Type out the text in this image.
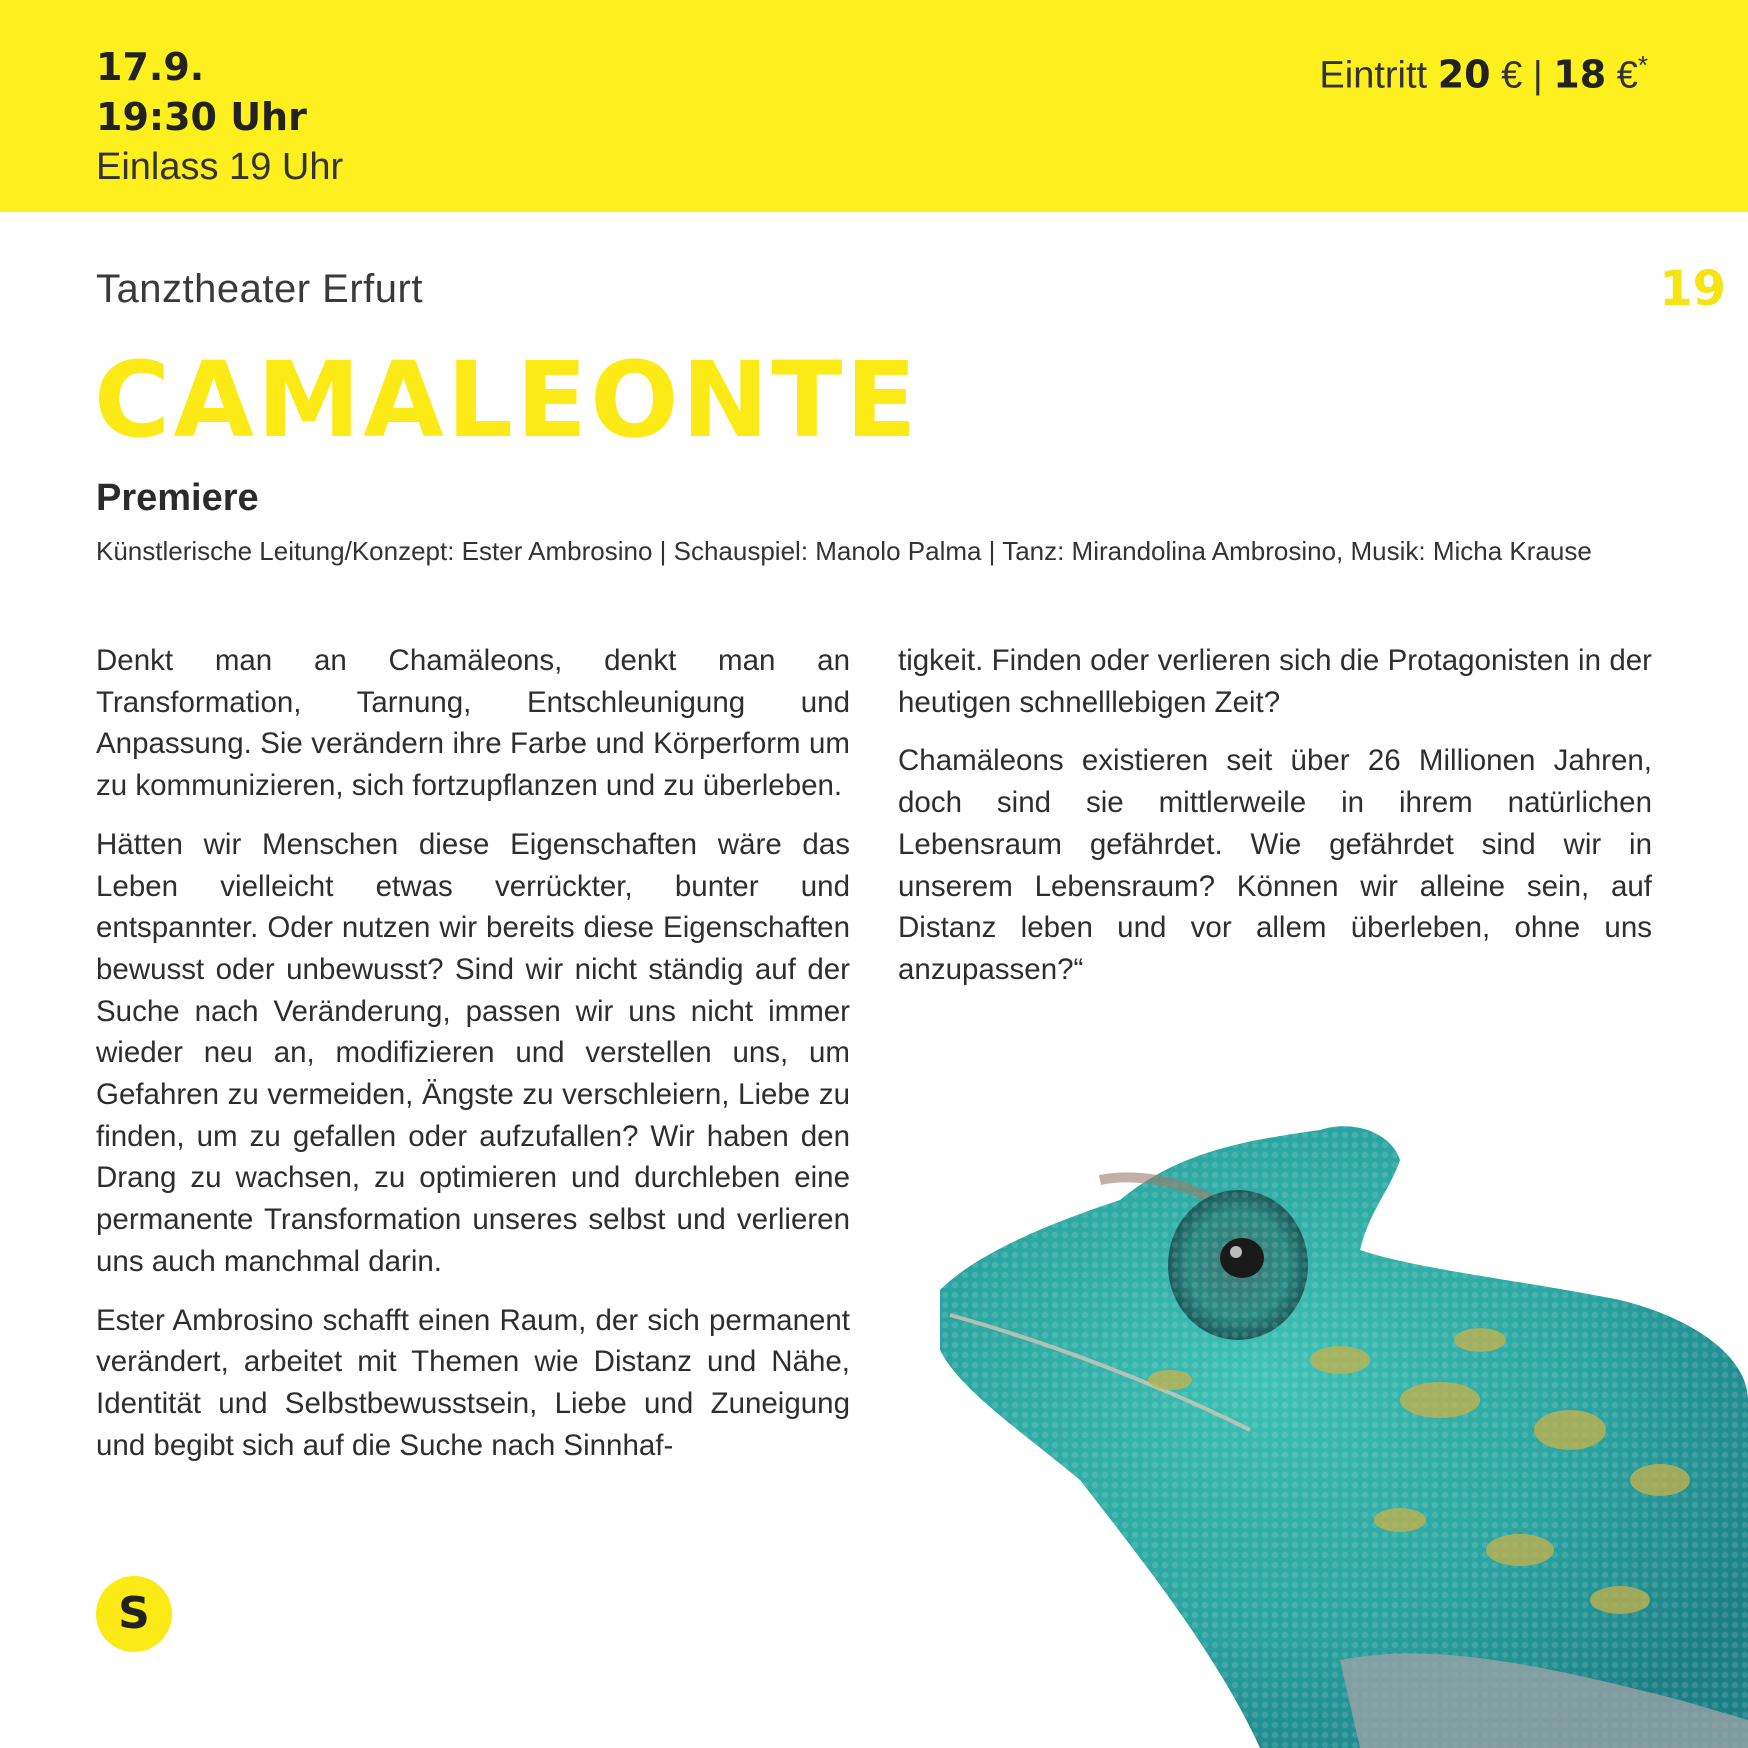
17.9.
19:30 Uhr
Einlass 19 Uhr
Eintritt 20 € | 18 €*
Tanztheater Erfurt	19
CAMALEONTE
Premiere
Künstlerische Leitung/Konzept: Ester Ambrosino | Schauspiel: Manolo Palma | Tanz: Mirandolina Ambrosino, Musik: Micha Krause

Denkt man an Chamäleons, denkt man an Transformation, Tarnung, Entschleunigung und Anpassung. Sie verändern ihre Farbe und Körperform um zu kommunizieren, sich fortzupflanzen und zu überleben.

Hätten wir Menschen diese Eigenschaften wäre das Leben vielleicht etwas verrückter, bunter und entspannter. Oder nutzen wir bereits diese Eigenschaften bewusst oder unbewusst? Sind wir nicht ständig auf der Suche nach Veränderung, passen wir uns nicht immer wieder neu an, modifizieren und verstellen uns, um Gefahren zu vermeiden, Ängste zu verschleiern, Liebe zu finden, um zu gefallen oder aufzufallen? Wir haben den Drang zu wachsen, zu optimieren und durchleben eine permanente Transformation unseres selbst und verlieren uns auch manchmal darin.

Ester Ambrosino schafft einen Raum, der sich permanent verändert, arbeitet mit Themen wie Distanz und Nähe, Identität und Selbstbewusstsein, Liebe und Zuneigung und begibt sich auf die Suche nach Sinnhaf-

tigkeit. Finden oder verlieren sich die Protagonisten in der heutigen schnelllebigen Zeit?

Chamäleons existieren seit über 26 Millionen Jahren, doch sind sie mittlerweile in ihrem natürlichen Lebensraum gefährdet. Wie gefährdet sind wir in unserem Lebensraum? Können wir alleine sein, auf Distanz leben und vor allem überleben, ohne uns anzupassen?“

S
